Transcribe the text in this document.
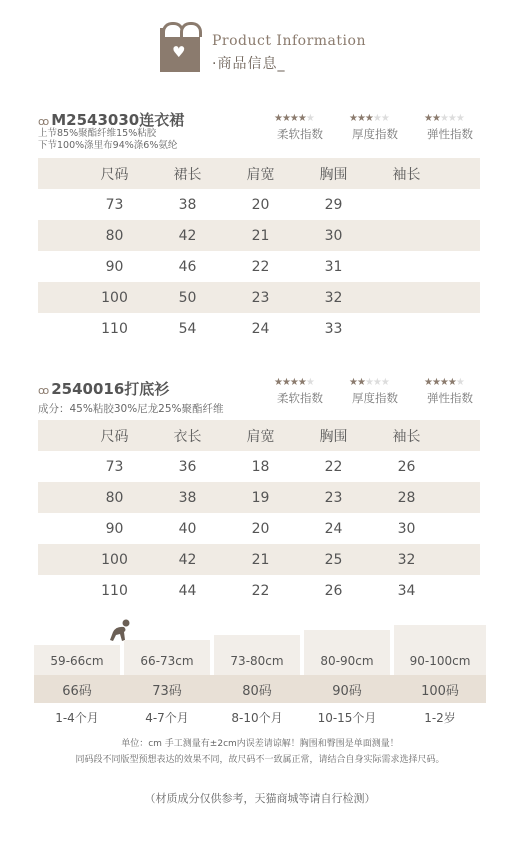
♥
Product Information
·商品信息_
ꝏ M2543030连衣裙
上节85%聚酯纤维15%粘胶
下节100%涤里布94%涤6%氨纶
★★★★★
柔软指数
★★★★★
厚度指数
★★★★★
弹性指数
尺码	裙长	肩宽	胸围	袖长
73	38	20	29
80	42	21	30
90	46	22	31
100	50	23	32
110	54	24	33
ꝏ 2540016打底衫
成分：45%粘胶30%尼龙25%聚酯纤维
★★★★★
柔软指数
★★★★★
厚度指数
★★★★★
弹性指数
尺码	衣长	肩宽	胸围	袖长
73	36	18	22	26
80	38	19	23	28
90	40	20	24	30
100	42	21	25	32
110	44	22	26	34
59-66cm	66-73cm	73-80cm	80-90cm	90-100cm
66码	73码	80码	90码	100码
1-4个月	4-7个月	8-10个月	10-15个月	1-2岁
单位：cm 手工测量有±2cm内误差请谅解！胸围和臀围是单面测量！
同码段不同版型预想表达的效果不同，故尺码不一致属正常，请结合自身实际需求选择尺码。
（材质成分仅供参考，天猫商城等请自行检测）
